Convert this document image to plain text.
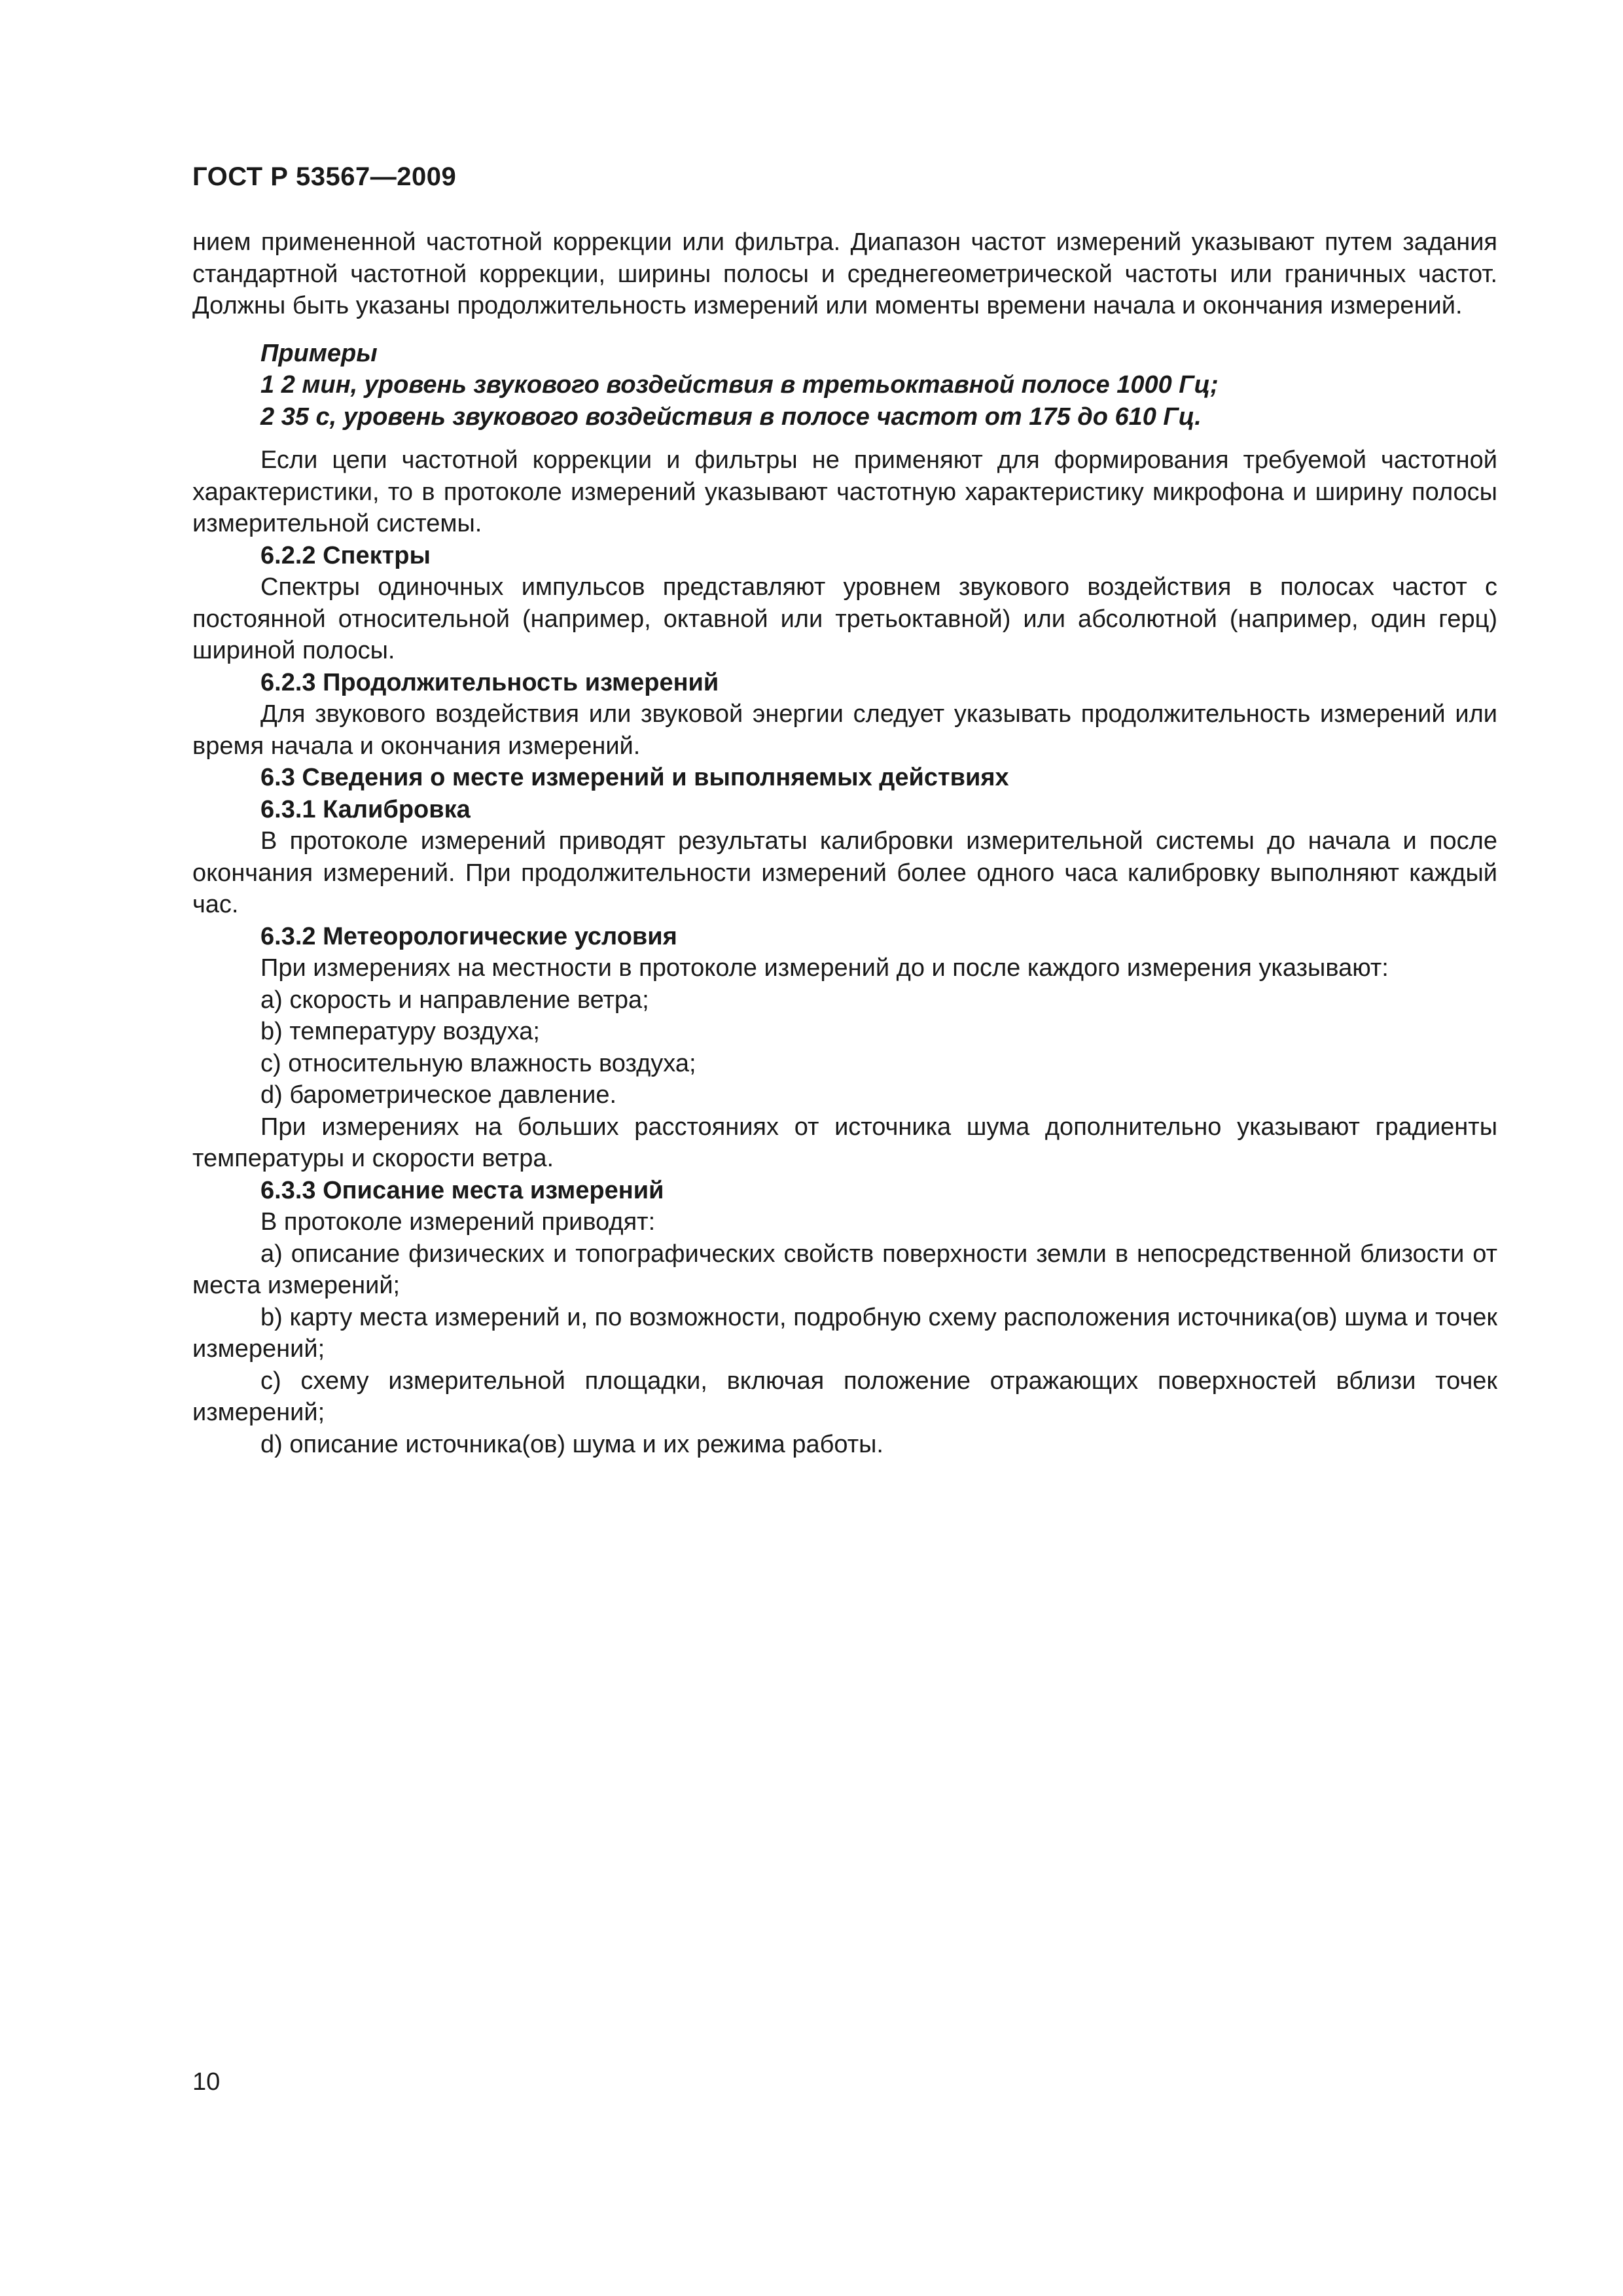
ГОСТ Р 53567—2009

нием примененной частотной коррекции или фильтра. Диапазон частот измерений указывают путем задания стандартной частотной коррекции, ширины полосы и среднегеометрической частоты или граничных частот. Должны быть указаны продолжительность измерений или моменты времени начала и окончания измерений.

Примеры

1 2 мин, уровень звукового воздействия в третьоктавной полосе 1000 Гц;

2 35 с, уровень звукового воздействия в полосе частот от 175 до 610 Гц.

Если цепи частотной коррекции и фильтры не применяют для формирования требуемой частотной характеристики, то в протоколе измерений указывают частотную характеристику микрофона и ширину полосы измерительной системы.

6.2.2 Спектры

Спектры одиночных импульсов представляют уровнем звукового воздействия в полосах частот с постоянной относительной (например, октавной или третьоктавной) или абсолютной (например, один герц) шириной полосы.

6.2.3 Продолжительность измерений

Для звукового воздействия или звуковой энергии следует указывать продолжительность измерений или время начала и окончания измерений.

6.3 Сведения о месте измерений и выполняемых действиях

6.3.1 Калибровка

В протоколе измерений приводят результаты калибровки измерительной системы до начала и после окончания измерений. При продолжительности измерений более одного часа калибровку выполняют каждый час.

6.3.2 Метеорологические условия

При измерениях на местности в протоколе измерений до и после каждого измерения указывают:

а) скорость и направление ветра;

b) температуру воздуха;

c) относительную влажность воздуха;

d) барометрическое давление.

При измерениях на больших расстояниях от источника шума дополнительно указывают градиенты температуры и скорости ветра.

6.3.3 Описание места измерений

В протоколе измерений приводят:

а) описание физических и топографических свойств поверхности земли в непосредственной близости от места измерений;

b) карту места измерений и, по возможности, подробную схему расположения источника(ов) шума и точек измерений;

c) схему измерительной площадки, включая положение отражающих поверхностей вблизи точек измерений;

d) описание источника(ов) шума и их режима работы.

10
